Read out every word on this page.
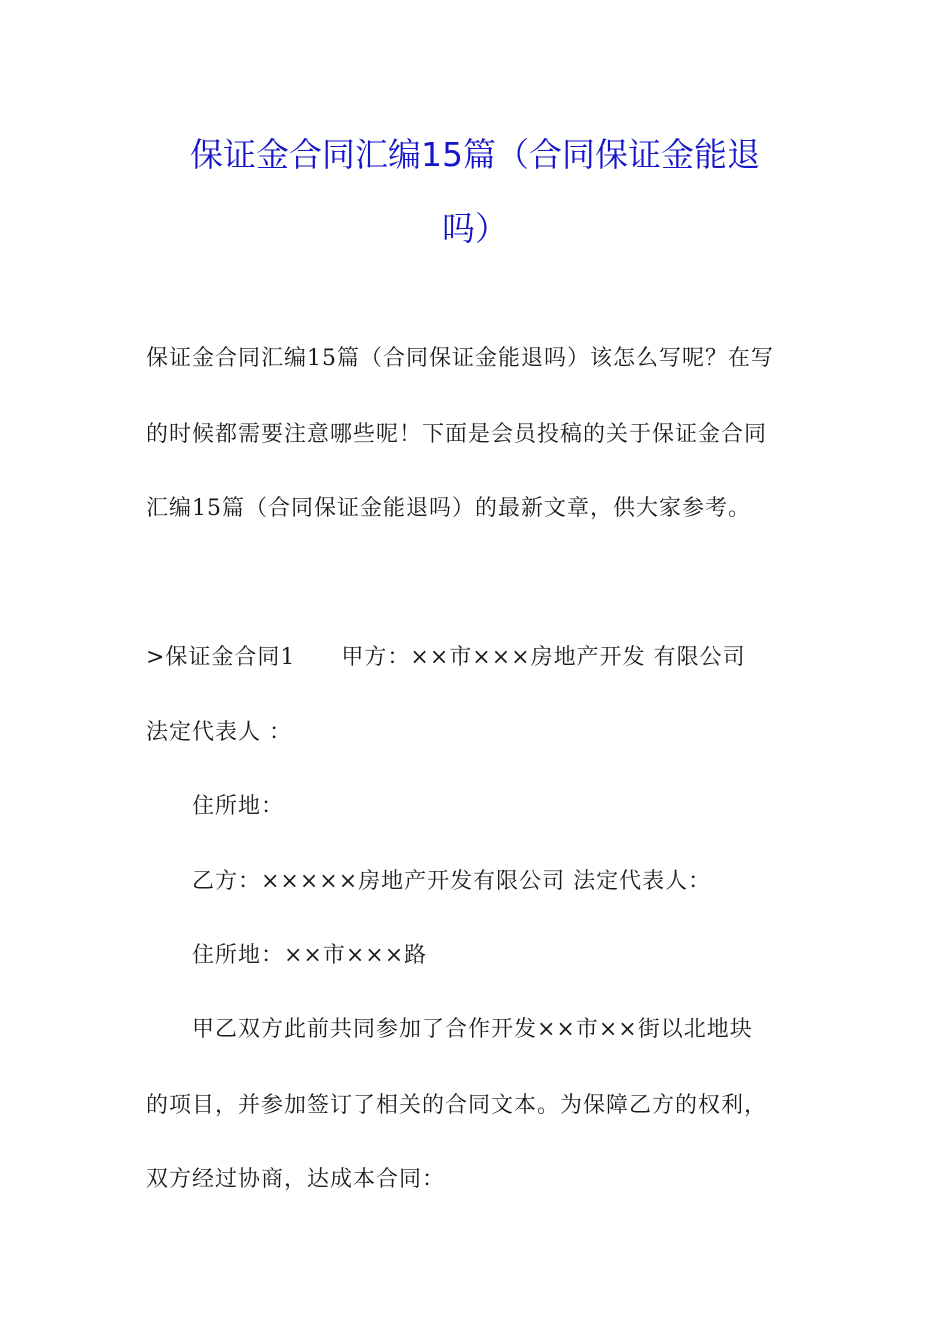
保证金合同汇编15篇（合同保证金能退
吗）

保证金合同汇编15篇（合同保证金能退吗）该怎么写呢？在写

的时候都需要注意哪些呢！下面是会员投稿的关于保证金合同

汇编15篇（合同保证金能退吗）的最新文章，供大家参考。

>保证金合同1　　甲方：××市×××房地产开发 有限公司

法定代表人 ：

住所地：

乙方：×××××房地产开发有限公司 法定代表人：

住所地：××市×××路

甲乙双方此前共同参加了合作开发××市××街以北地块

的项目，并参加签订了相关的合同文本。为保障乙方的权利，

双方经过协商，达成本合同：
